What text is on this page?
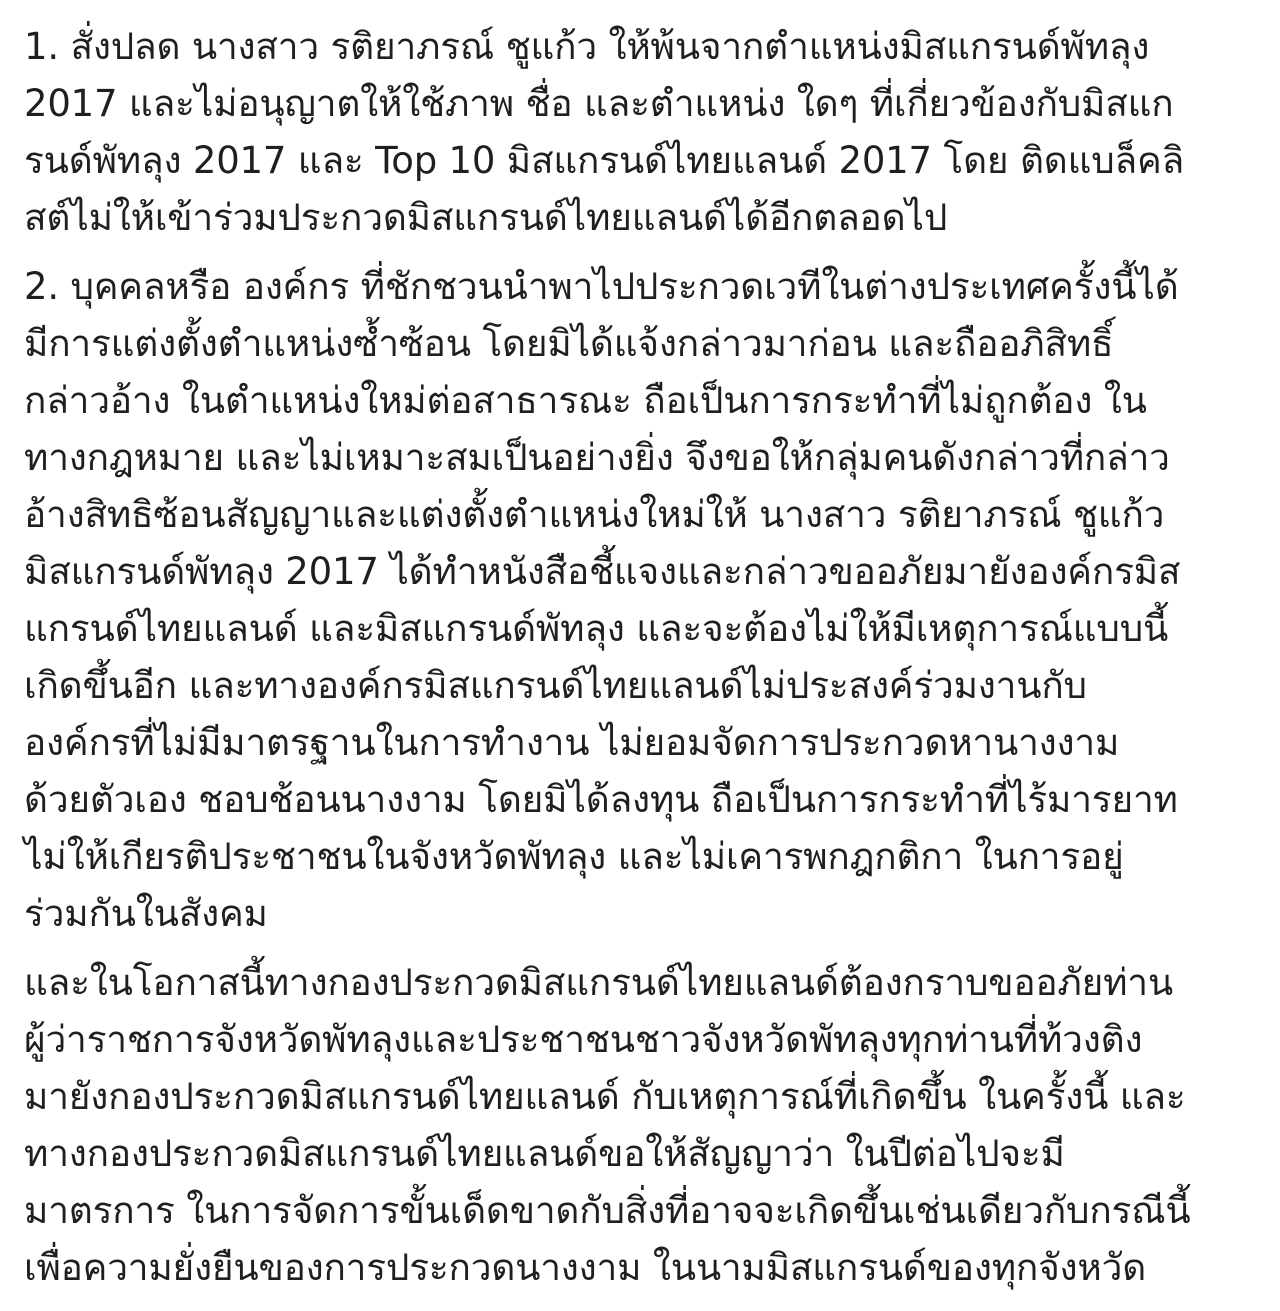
1. สั่งปลด นางสาว รติยาภรณ์ ชูแก้ว ให้พ้นจากตำแหน่งมิสแกรนด์พัทลุง
2017 และไม่อนุญาตให้ใช้ภาพ ชื่อ และตำแหน่ง ใดๆ ที่เกี่ยวข้องกับมิสแก
รนด์พัทลุง 2017 และ Top 10 มิสแกรนด์ไทยแลนด์ 2017 โดย ติดแบล็คลิ
สต์ไม่ให้เข้าร่วมประกวดมิสแกรนด์ไทยแลนด์ได้อีกตลอดไป
2. บุคคลหรือ องค์กร ที่ชักชวนนำพาไปประกวดเวทีในต่างประเทศครั้งนี้ได้
มีการแต่งตั้งตำแหน่งซ้ำซ้อน โดยมิได้แจ้งกล่าวมาก่อน และถืออภิสิทธิ์
กล่าวอ้าง ในตำแหน่งใหม่ต่อสาธารณะ ถือเป็นการกระทำที่ไม่ถูกต้อง ใน
ทางกฎหมาย และไม่เหมาะสมเป็นอย่างยิ่ง จึงขอให้กลุ่มคนดังกล่าวที่กล่าว
อ้างสิทธิซ้อนสัญญาและแต่งตั้งตำแหน่งใหม่ให้ นางสาว รติยาภรณ์ ชูแก้ว
มิสแกรนด์พัทลุง 2017 ได้ทำหนังสือชี้แจงและกล่าวขออภัยมายังองค์กรมิส
แกรนด์ไทยแลนด์ และมิสแกรนด์พัทลุง และจะต้องไม่ให้มีเหตุการณ์แบบนี้
เกิดขึ้นอีก และทางองค์กรมิสแกรนด์ไทยแลนด์ไม่ประสงค์ร่วมงานกับ
องค์กรที่ไม่มีมาตรฐานในการทำงาน ไม่ยอมจัดการประกวดหานางงาม
ด้วยตัวเอง ชอบช้อนนางงาม โดยมิได้ลงทุน ถือเป็นการกระทำที่ไร้มารยาท
ไม่ให้เกียรติประชาชนในจังหวัดพัทลุง และไม่เคารพกฎกติกา ในการอยู่
ร่วมกันในสังคม
และในโอกาสนี้ทางกองประกวดมิสแกรนด์ไทยแลนด์ต้องกราบขออภัยท่าน
ผู้ว่าราชการจังหวัดพัทลุงและประชาชนชาวจังหวัดพัทลุงทุกท่านที่ท้วงติง
มายังกองประกวดมิสแกรนด์ไทยแลนด์ กับเหตุการณ์ที่เกิดขึ้น ในครั้งนี้ และ
ทางกองประกวดมิสแกรนด์ไทยแลนด์ขอให้สัญญาว่า ในปีต่อไปจะมี
มาตรการ ในการจัดการขั้นเด็ดขาดกับสิ่งที่อาจจะเกิดขึ้นเช่นเดียวกับกรณีนี้
เพื่อความยั่งยืนของการประกวดนางงาม ในนามมิสแกรนด์ของทุกจังหวัด
